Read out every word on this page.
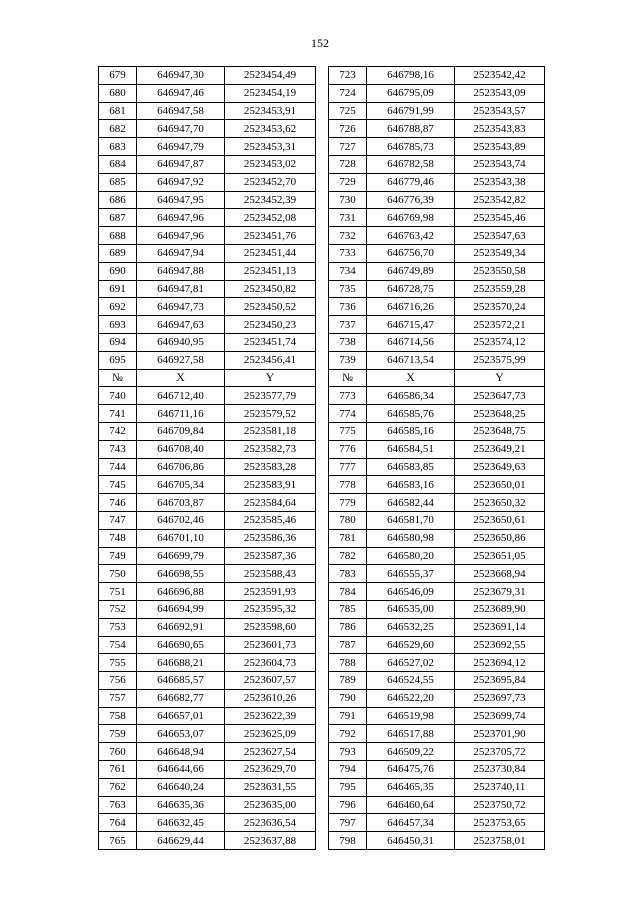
152
679	646947,30	2523454,49		723	646798,16	2523542,42
680	646947,46	2523454,19		724	646795,09	2523543,09
681	646947,58	2523453,91		725	646791,99	2523543,57
682	646947,70	2523453,62		726	646788,87	2523543,83
683	646947,79	2523453,31		727	646785,73	2523543,89
684	646947,87	2523453,02		728	646782,58	2523543,74
685	646947,92	2523452,70		729	646779,46	2523543,38
686	646947,95	2523452,39		730	646776,39	2523542,82
687	646947,96	2523452,08		731	646769,98	2523545,46
688	646947,96	2523451,76		732	646763,42	2523547,63
689	646947,94	2523451,44		733	646756,70	2523549,34
690	646947,88	2523451,13		734	646749,89	2523550,58
691	646947,81	2523450,82		735	646728,75	2523559,28
692	646947,73	2523450,52		736	646716,26	2523570,24
693	646947,63	2523450,23		737	646715,47	2523572,21
694	646940,95	2523451,74		738	646714,56	2523574,12
695	646927,58	2523456,41		739	646713,54	2523575,99
№	X	Y		№	X	Y
740	646712,40	2523577,79		773	646586,34	2523647,73
741	646711,16	2523579,52		774	646585,76	2523648,25
742	646709,84	2523581,18		775	646585,16	2523648,75
743	646708,40	2523582,73		776	646584,51	2523649,21
744	646706,86	2523583,28		777	646583,85	2523649,63
745	646705,34	2523583,91		778	646583,16	2523650,01
746	646703,87	2523584,64		779	646582,44	2523650,32
747	646702,46	2523585,46		780	646581,70	2523650,61
748	646701,10	2523586,36		781	646580,98	2523650,86
749	646699,79	2523587,36		782	646580,20	2523651,05
750	646698,55	2523588,43		783	646555,37	2523668,94
751	646696,88	2523591,93		784	646546,09	2523679,31
752	646694,99	2523595,32		785	646535,00	2523689,90
753	646692,91	2523598,60		786	646532,25	2523691,14
754	646690,65	2523601,73		787	646529,60	2523692,55
755	646688,21	2523604,73		788	646527,02	2523694,12
756	646685,57	2523607,57		789	646524,55	2523695,84
757	646682,77	2523610,26		790	646522,20	2523697,73
758	646657,01	2523622,39		791	646519,98	2523699,74
759	646653,07	2523625,09		792	646517,88	2523701,90
760	646648,94	2523627,54		793	646509,22	2523705,72
761	646644,66	2523629,70		794	646475,76	2523730,84
762	646640,24	2523631,55		795	646465,35	2523740,11
763	646635,36	2523635,00		796	646460,64	2523750,72
764	646632,45	2523636,54		797	646457,34	2523753,65
765	646629,44	2523637,88		798	646450,31	2523758,01
